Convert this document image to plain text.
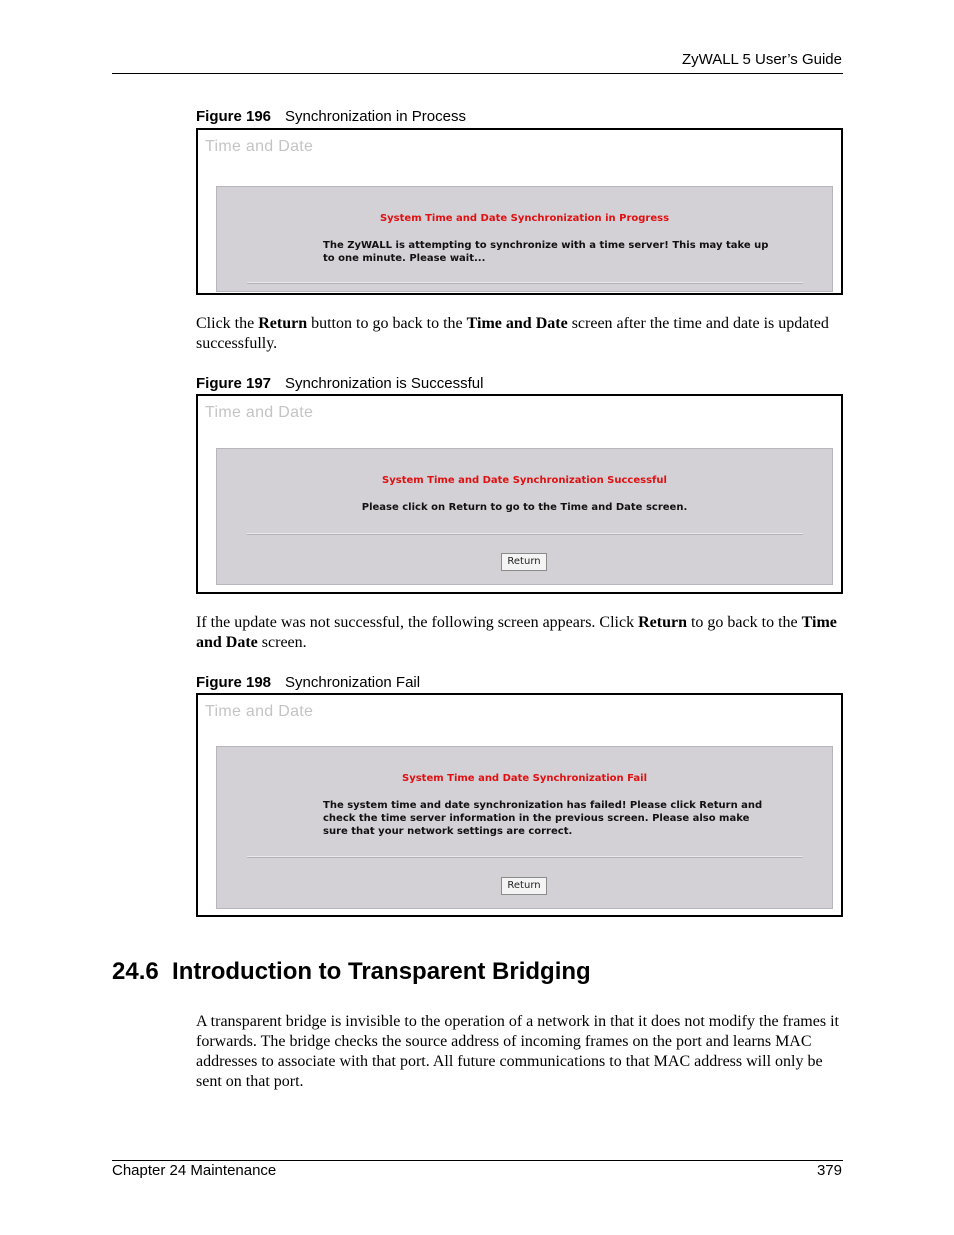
ZyWALL 5 User’s Guide
Figure 196 Synchronization in Process
Time and Date
System Time and Date Synchronization in Progress
The ZyWALL is attempting to synchronize with a time server! This may take up
to one minute. Please wait...
Click the Return button to go back to the Time and Date screen after the time and date is updated successfully.
Figure 197 Synchronization is Successful
Time and Date
System Time and Date Synchronization Successful
Please click on Return to go to the Time and Date screen.
Return
If the update was not successful, the following screen appears. Click Return to go back to the Time and Date screen.
Figure 198 Synchronization Fail
Time and Date
System Time and Date Synchronization Fail
The system time and date synchronization has failed! Please click Return and
check the time server information in the previous screen. Please also make
sure that your network settings are correct.
Return
24.6  Introduction to Transparent Bridging
A transparent bridge is invisible to the operation of a network in that it does not modify the frames it forwards. The bridge checks the source address of incoming frames on the port and learns MAC addresses to associate with that port. All future communications to that MAC address will only be sent on that port.
Chapter 24 Maintenance	379
